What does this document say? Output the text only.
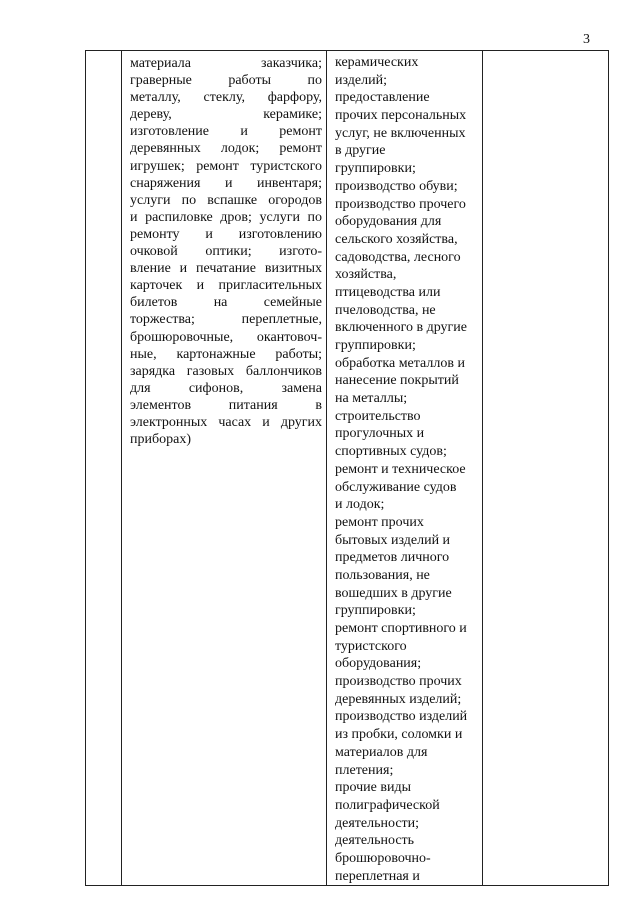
3

материала заказчика;
граверные работы по
металлу, стеклу, фарфору,
дереву, керамике;
изготовление и ремонт
деревянных лодок; ремонт
игрушек; ремонт туристского
снаряжения и инвентаря;
услуги по вспашке огородов
и распиловке дров; услуги по
ремонту и изготовлению
очковой оптики; изгото-
вление и печатание визитных
карточек и пригласительных
билетов на семейные
торжества; переплетные,
брошюровочные, окантовоч-
ные, картонажные работы;
зарядка газовых баллончиков
для сифонов, замена
элементов питания в
электронных часах и других
приборах)

керамических
изделий;
предоставление
прочих персональных
услуг, не включенных
в другие
группировки;
производство обуви;
производство прочего
оборудования для
сельского хозяйства,
садоводства, лесного
хозяйства,
птицеводства или
пчеловодства, не
включенного в другие
группировки;
обработка металлов и
нанесение покрытий
на металлы;
строительство
прогулочных и
спортивных судов;
ремонт и техническое
обслуживание судов
и лодок;
ремонт прочих
бытовых изделий и
предметов личного
пользования, не
вошедших в другие
группировки;
ремонт спортивного и
туристского
оборудования;
производство прочих
деревянных изделий;
производство изделий
из пробки, соломки и
материалов для
плетения;
прочие виды
полиграфической
деятельности;
деятельность
брошюровочно-
переплетная и
